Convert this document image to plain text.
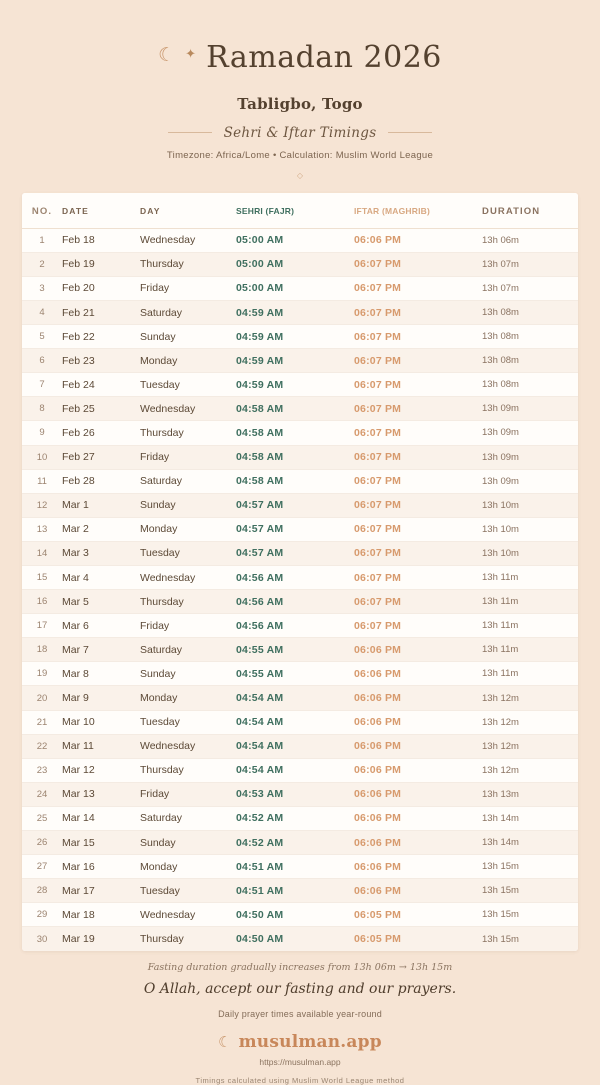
☾ ✦ Ramadan 2026
Tabligbo, Togo
Sehri & Iftar Timings
Timezone: Africa/Lome • Calculation: Muslim World League
◇
NO.	DATE	DAY	SEHRI (FAJR)	IFTAR (MAGHRIB)	DURATION
1	Feb 18	Wednesday	05:00 AM	06:06 PM	13h 06m
2	Feb 19	Thursday	05:00 AM	06:07 PM	13h 07m
3	Feb 20	Friday	05:00 AM	06:07 PM	13h 07m
4	Feb 21	Saturday	04:59 AM	06:07 PM	13h 08m
5	Feb 22	Sunday	04:59 AM	06:07 PM	13h 08m
6	Feb 23	Monday	04:59 AM	06:07 PM	13h 08m
7	Feb 24	Tuesday	04:59 AM	06:07 PM	13h 08m
8	Feb 25	Wednesday	04:58 AM	06:07 PM	13h 09m
9	Feb 26	Thursday	04:58 AM	06:07 PM	13h 09m
10	Feb 27	Friday	04:58 AM	06:07 PM	13h 09m
11	Feb 28	Saturday	04:58 AM	06:07 PM	13h 09m
12	Mar 1	Sunday	04:57 AM	06:07 PM	13h 10m
13	Mar 2	Monday	04:57 AM	06:07 PM	13h 10m
14	Mar 3	Tuesday	04:57 AM	06:07 PM	13h 10m
15	Mar 4	Wednesday	04:56 AM	06:07 PM	13h 11m
16	Mar 5	Thursday	04:56 AM	06:07 PM	13h 11m
17	Mar 6	Friday	04:56 AM	06:07 PM	13h 11m
18	Mar 7	Saturday	04:55 AM	06:06 PM	13h 11m
19	Mar 8	Sunday	04:55 AM	06:06 PM	13h 11m
20	Mar 9	Monday	04:54 AM	06:06 PM	13h 12m
21	Mar 10	Tuesday	04:54 AM	06:06 PM	13h 12m
22	Mar 11	Wednesday	04:54 AM	06:06 PM	13h 12m
23	Mar 12	Thursday	04:54 AM	06:06 PM	13h 12m
24	Mar 13	Friday	04:53 AM	06:06 PM	13h 13m
25	Mar 14	Saturday	04:52 AM	06:06 PM	13h 14m
26	Mar 15	Sunday	04:52 AM	06:06 PM	13h 14m
27	Mar 16	Monday	04:51 AM	06:06 PM	13h 15m
28	Mar 17	Tuesday	04:51 AM	06:06 PM	13h 15m
29	Mar 18	Wednesday	04:50 AM	06:05 PM	13h 15m
30	Mar 19	Thursday	04:50 AM	06:05 PM	13h 15m
Fasting duration gradually increases from 13h 06m → 13h 15m
O Allah, accept our fasting and our prayers.
Daily prayer times available year-round
☾ musulman.app
https://musulman.app
Timings calculated using Muslim World League method
